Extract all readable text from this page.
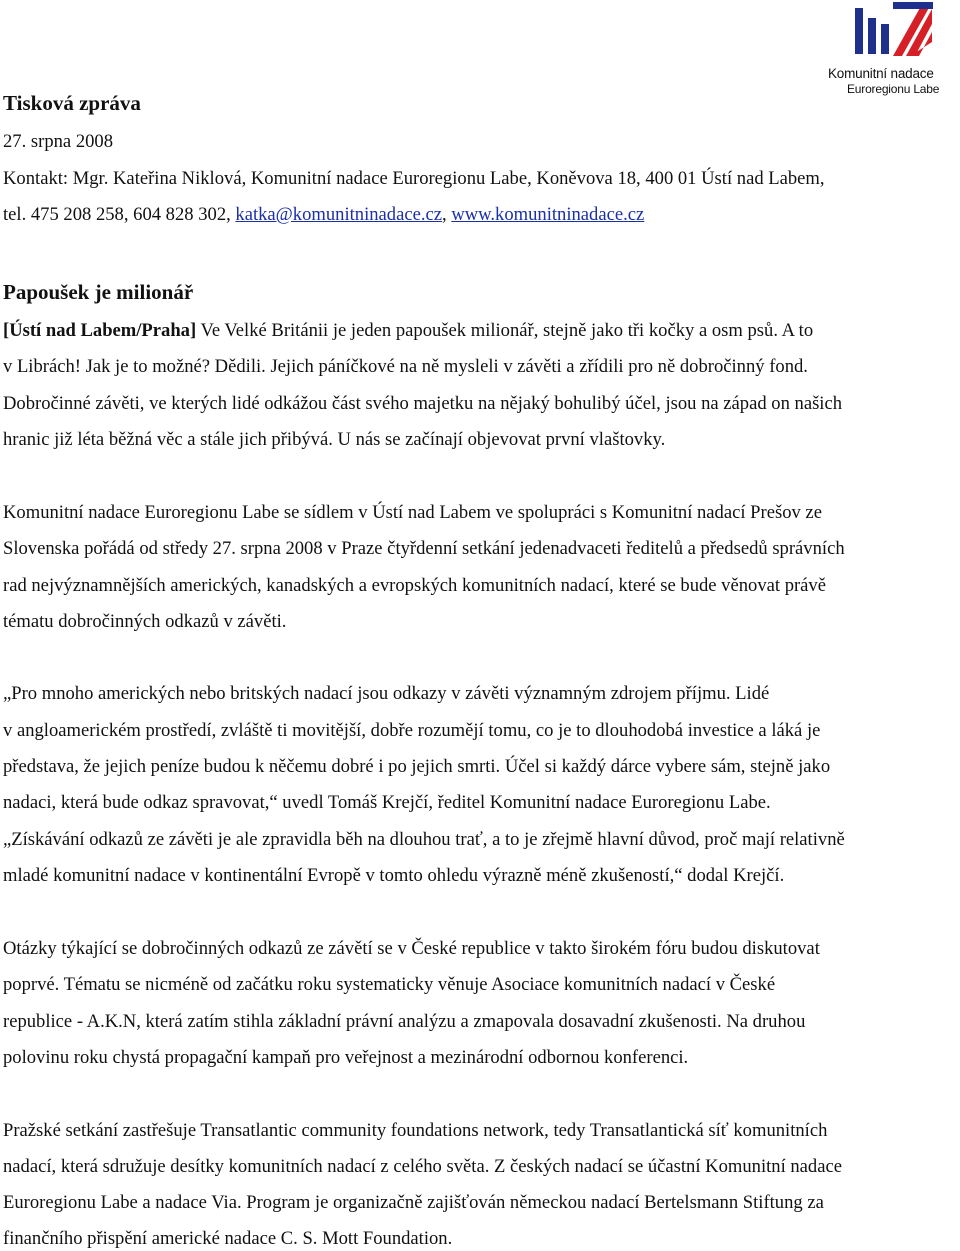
Komunitní nadace
Euroregionu Labe
Tisková zpráva
27. srpna 2008
Kontakt: Mgr. Kateřina Niklová, Komunitní nadace Euroregionu Labe, Koněvova 18, 400 01 Ústí nad Labem,
tel. 475 208 258, 604 828 302, katka@komunitninadace.cz, www.komunitninadace.cz
Papoušek je milionář
[Ústí nad Labem/Praha] Ve Velké Británii je jeden papoušek milionář, stejně jako tři kočky a osm psů. A to
v Librách! Jak je to možné? Dědili. Jejich páníčkové na ně mysleli v závěti a zřídili pro ně dobročinný fond.
Dobročinné závěti, ve kterých lidé odkážou část svého majetku na nějaký bohulibý účel, jsou na západ on našich
hranic již léta běžná věc a stále jich přibývá. U nás se začínají objevovat první vlaštovky.
Komunitní nadace Euroregionu Labe se sídlem v Ústí nad Labem ve spolupráci s Komunitní nadací Prešov ze
Slovenska pořádá od středy 27. srpna 2008 v Praze čtyřdenní setkání jedenadvaceti ředitelů a předsedů správních
rad nejvýznamnějších amerických, kanadských a evropských komunitních nadací, které se bude věnovat právě
tématu dobročinných odkazů v závěti.
„Pro mnoho amerických nebo britských nadací jsou odkazy v závěti významným zdrojem příjmu. Lidé
v angloamerickém prostředí, zvláště ti movitější, dobře rozumějí tomu, co je to dlouhodobá investice a láká je
představa, že jejich peníze budou k něčemu dobré i po jejich smrti. Účel si každý dárce vybere sám, stejně jako
nadaci, která bude odkaz spravovat,“ uvedl Tomáš Krejčí, ředitel Komunitní nadace Euroregionu Labe.
„Získávání odkazů ze závěti je ale zpravidla běh na dlouhou trať, a to je zřejmě hlavní důvod, proč mají relativně
mladé komunitní nadace v kontinentální Evropě v tomto ohledu výrazně méně zkušeností,“ dodal Krejčí.
Otázky týkající se dobročinných odkazů ze závětí se v České republice v takto širokém fóru budou diskutovat
poprvé. Tématu se nicméně od začátku roku systematicky věnuje Asociace komunitních nadací v České
republice - A.K.N, která zatím stihla základní právní analýzu a zmapovala dosavadní zkušenosti. Na druhou
polovinu roku chystá propagační kampaň pro veřejnost a mezinárodní odbornou konferenci.
Pražské setkání zastřešuje Transatlantic community foundations network, tedy Transatlantická síť komunitních
nadací, která sdružuje desítky komunitních nadací z celého světa. Z českých nadací se účastní Komunitní nadace
Euroregionu Labe a nadace Via. Program je organizačně zajišťován německou nadací Bertelsmann Stiftung za
finančního přispění americké nadace C. S. Mott Foundation.
